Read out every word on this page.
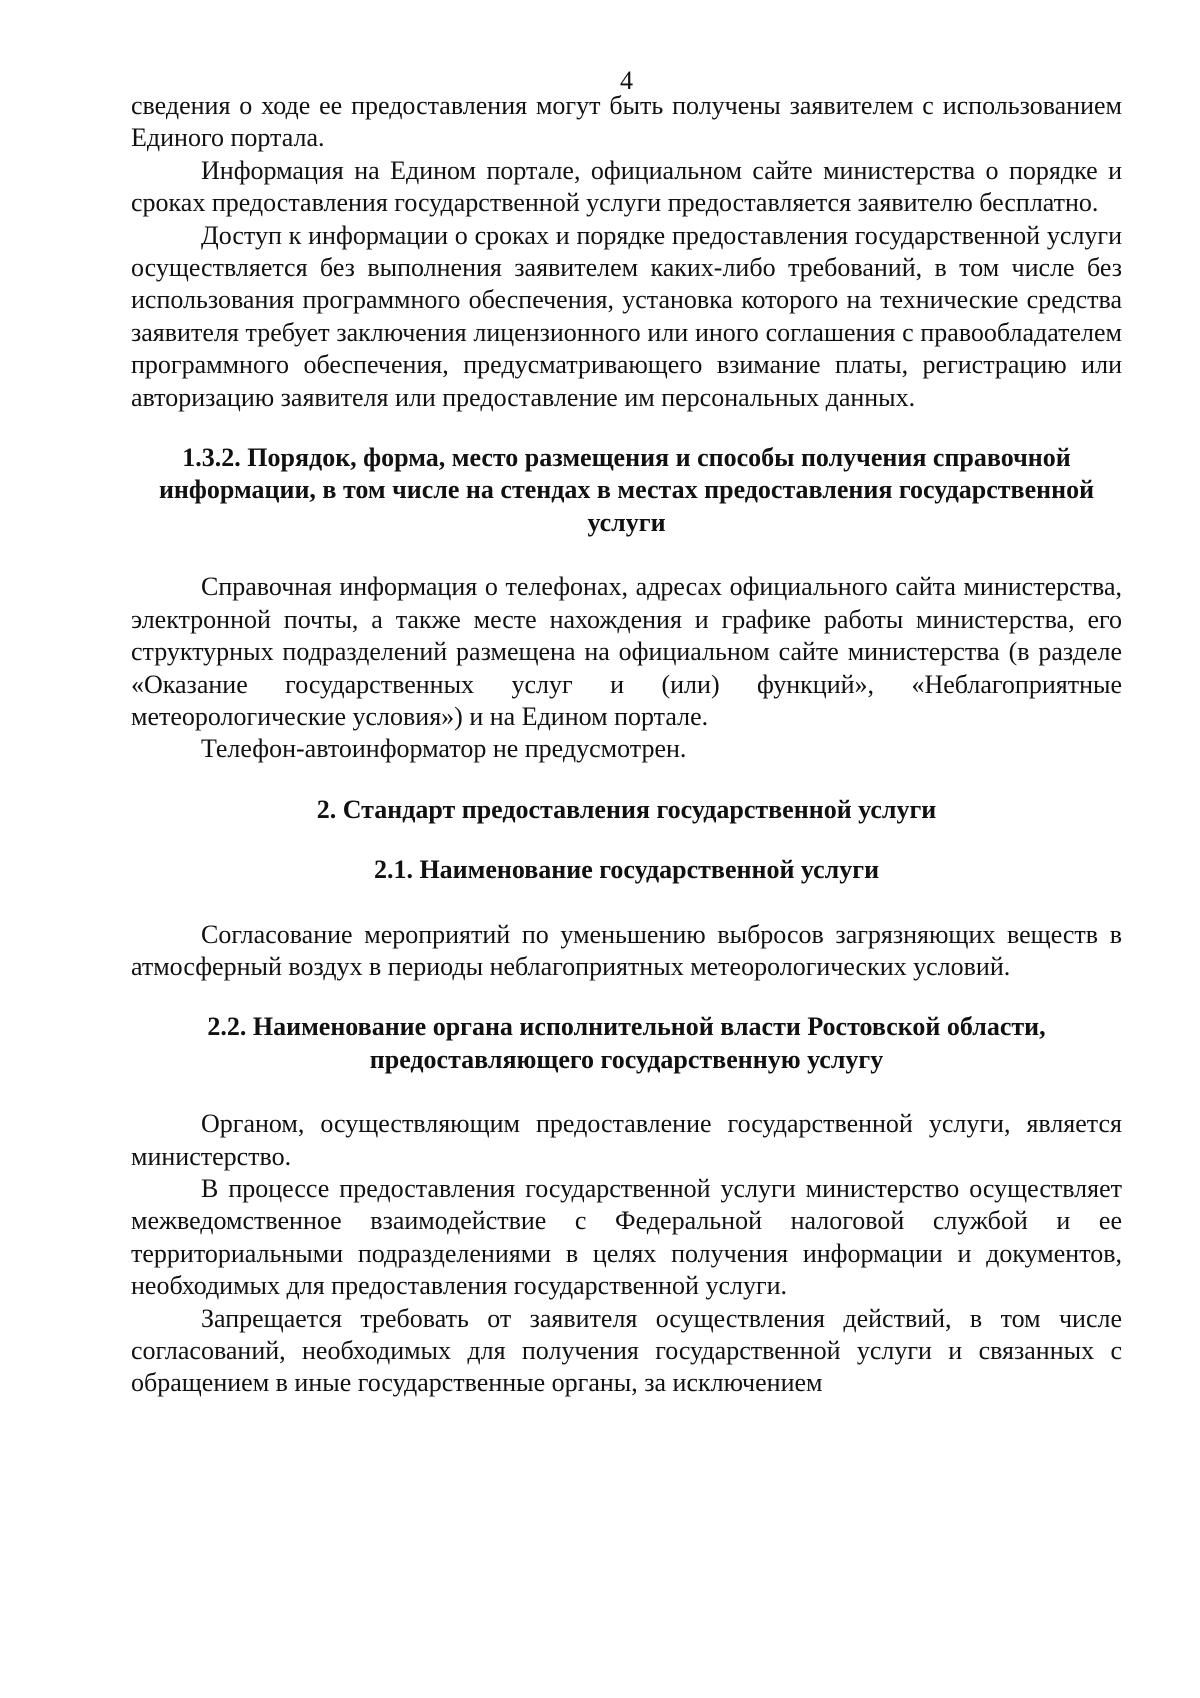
4

сведения о ходе ее предоставления могут быть получены заявителем с использованием Единого портала.

Информация на Едином портале, официальном сайте министерства о порядке и сроках предоставления государственной услуги предоставляется заявителю бесплатно.

Доступ к информации о сроках и порядке предоставления государственной услуги осуществляется без выполнения заявителем каких-либо требований, в том числе без использования программного обеспечения, установка которого на технические средства заявителя требует заключения лицензионного или иного соглашения с правообладателем программного обеспечения, предусматривающего взимание платы, регистрацию или авторизацию заявителя или предоставление им персональных данных.

1.3.2. Порядок, форма, место размещения и способы получения справочной информации, в том числе на стендах в местах предоставления государственной услуги

Справочная информация о телефонах, адресах официального сайта министерства, электронной почты, а также месте нахождения и графике работы министерства, его структурных подразделений размещена на официальном сайте министерства (в разделе «Оказание государственных услуг и (или) функций», «Неблагоприятные метеорологические условия») и на Едином портале.

Телефон-автоинформатор не предусмотрен.

2. Стандарт предоставления государственной услуги
2.1. Наименование государственной услуги

Согласование мероприятий по уменьшению выбросов загрязняющих веществ в атмосферный воздух в периоды неблагоприятных метеорологических условий.

2.2. Наименование органа исполнительной власти Ростовской области,
предоставляющего государственную услугу

Органом, осуществляющим предоставление государственной услуги, является министерство.

В процессе предоставления государственной услуги министерство осуществляет межведомственное взаимодействие с Федеральной налоговой службой и ее территориальными подразделениями в целях получения информации и документов, необходимых для предоставления государственной услуги.

Запрещается требовать от заявителя осуществления действий, в том числе согласований, необходимых для получения государственной услуги и связанных с обращением в иные государственные органы, за исключением
